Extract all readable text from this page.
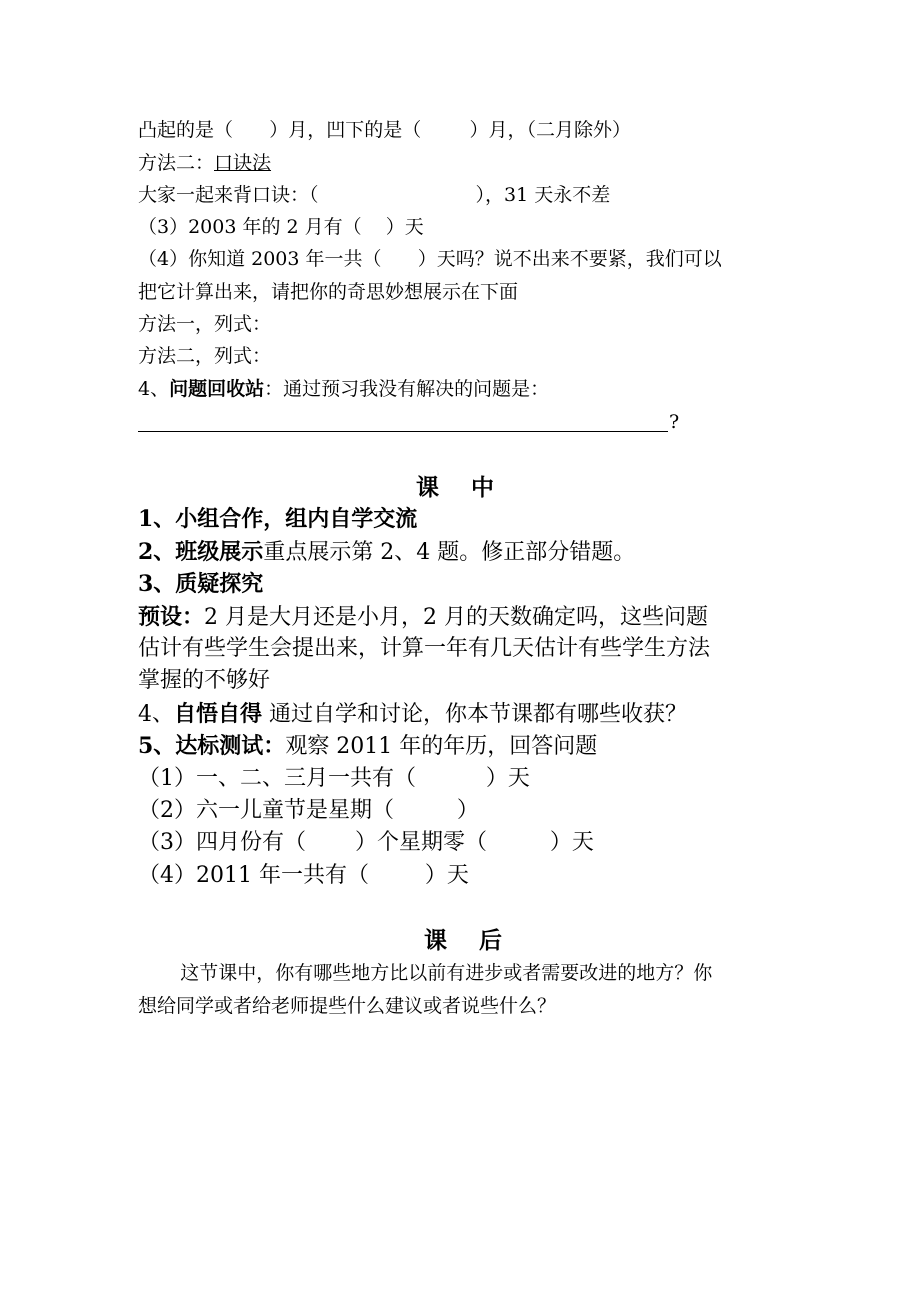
凸起的是（      ）月，凹下的是（        ）月，（二月除外）
方法二：口诀法
大家一起来背口诀：（                          ），31 天永不差
（3）2003 年的 2 月有（    ）天
（4）你知道 2003 年一共（      ）天吗？说不出来不要紧，我们可以
把它计算出来，请把你的奇思妙想展示在下面
方法一，列式：
方法二，列式：
4、问题回收站：通过预习我没有解决的问题是：
?
课    中
1、小组合作，组内自学交流
2、班级展示重点展示第 2、4 题。修正部分错题。
3、质疑探究
预设：2 月是大月还是小月，2 月的天数确定吗，这些问题
估计有些学生会提出来，计算一年有几天估计有些学生方法
掌握的不够好
4、自悟自得 通过自学和讨论，你本节课都有哪些收获？
5、达标测试：观察 2011 年的年历，回答问题
（1）一、二、三月一共有（          ）天
（2）六一儿童节是星期（         ）
（3）四月份有（       ）个星期零（         ）天
（4）2011 年一共有（        ）天
课    后
这节课中，你有哪些地方比以前有进步或者需要改进的地方？你
想给同学或者给老师提些什么建议或者说些什么？
